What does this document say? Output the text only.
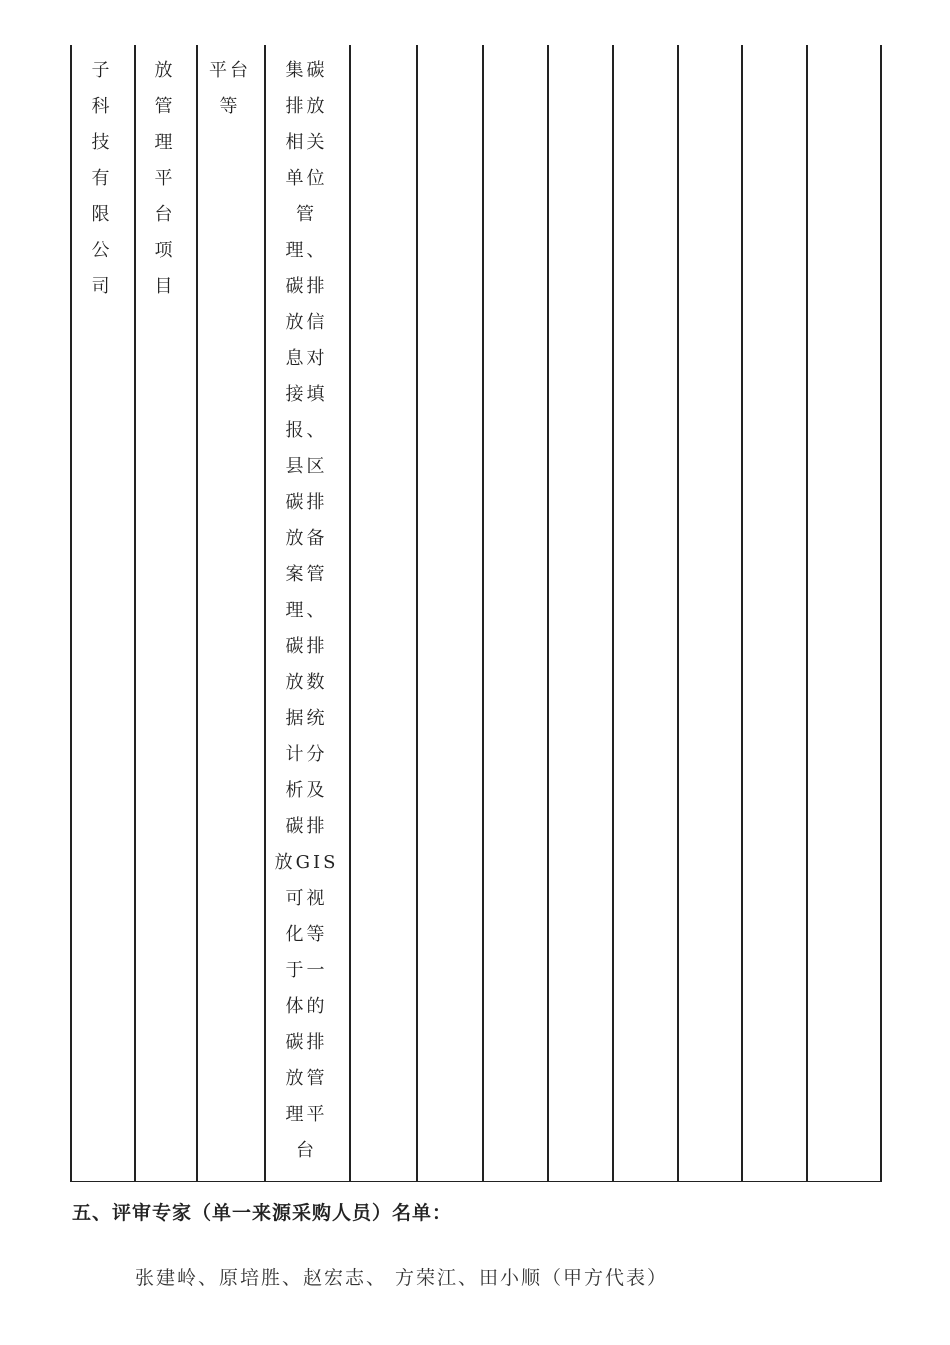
子
科
技
有
限
公
司
放
管
理
平
台
项
目
平台
等
集碳
排放
相关
单位
管
理、
碳排
放信
息对
接填
报、
县区
碳排
放备
案管
理、
碳排
放数
据统
计分
析及
碳排
放GIS
可视
化等
于一
体的
碳排
放管
理平
台
五、评审专家（单一来源采购人员）名单：
张建岭、原培胜、赵宏志、 方荣江、田小顺（甲方代表）
